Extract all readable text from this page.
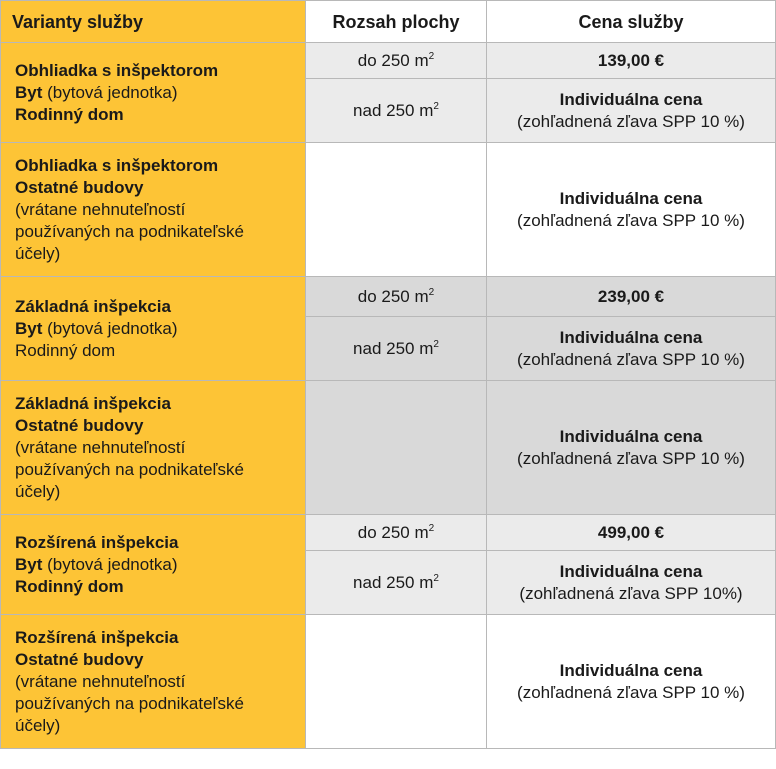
Varianty služby	Rozsah plochy	Cena služby

Obhliadka s inšpektorom
Byt (bytová jednotka)
Rodinný dom	do 250 $m^2$	139,00 €
	nad 250 $m^2$	Individuálna cena
(zohľadnená zľava SPP 10 %)

Obhliadka s inšpektorom
Ostatné budovy
(vrátane nehnuteľností
používaných na podnikateľské
účely)		Individuálna cena
(zohľadnená zľava SPP 10 %)

Základná inšpekcia
Byt (bytová jednotka)
Rodinný dom	do 250 $m^2$	239,00 €
	nad 250 $m^2$	Individuálna cena
(zohľadnená zľava SPP 10 %)

Základná inšpekcia
Ostatné budovy
(vrátane nehnuteľností
používaných na podnikateľské
účely)		Individuálna cena
(zohľadnená zľava SPP 10 %)

Rozšírená inšpekcia
Byt (bytová jednotka)
Rodinný dom	do 250 $m^2$	499,00 €
	nad 250 $m^2$	Individuálna cena
(zohľadnená zľava SPP 10%)

Rozšírená inšpekcia
Ostatné budovy
(vrátane nehnuteľností
používaných na podnikateľské
účely)		Individuálna cena
(zohľadnená zľava SPP 10 %)
